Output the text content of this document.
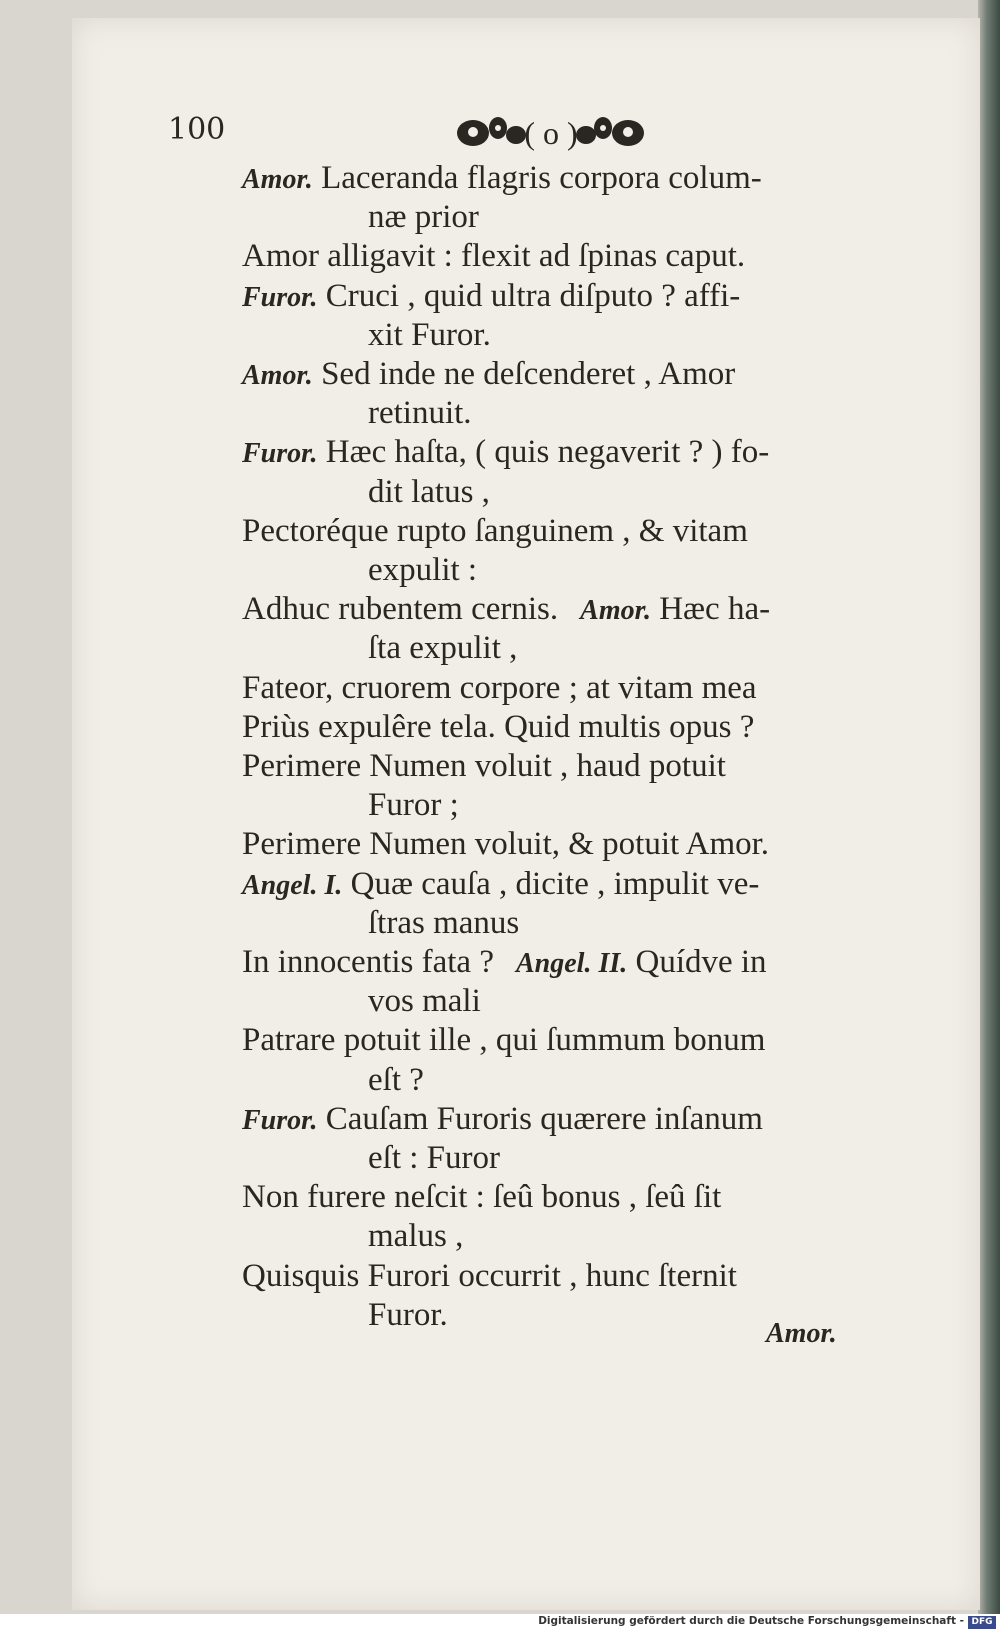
100	( o )
Amor. Laceranda flagris corpora colum-
næ prior
Amor alligavit : flexit ad ſpinas caput.
Furor. Cruci , quid ultra diſputo ? affi-
xit Furor.
Amor. Sed inde ne deſcenderet , Amor
retinuit.
Furor. Hæc haſta, ( quis negaverit ? ) fo-
dit latus ,
Pectoréque rupto ſanguinem , & vitam
expulit :
Adhuc rubentem cernis. Amor. Hæc ha-
ſta expulit ,
Fateor, cruorem corpore ; at vitam mea
Priùs expulêre tela. Quid multis opus ?
Perimere Numen voluit , haud potuit
Furor ;
Perimere Numen voluit, & potuit Amor.
Angel. I. Quæ cauſa , dicite , impulit ve-
ſtras manus
In innocentis fata ? Angel. II. Quídve in
vos mali
Patrare potuit ille , qui ſummum bonum
eſt ?
Furor. Cauſam Furoris quærere inſanum
eſt : Furor
Non furere neſcit : ſeû bonus , ſeû ſit
malus ,
Quisquis Furori occurrit , hunc ſternit
Furor.
Amor.
Digitalisierung gefördert durch die Deutsche Forschungsgemeinschaft - DFG
